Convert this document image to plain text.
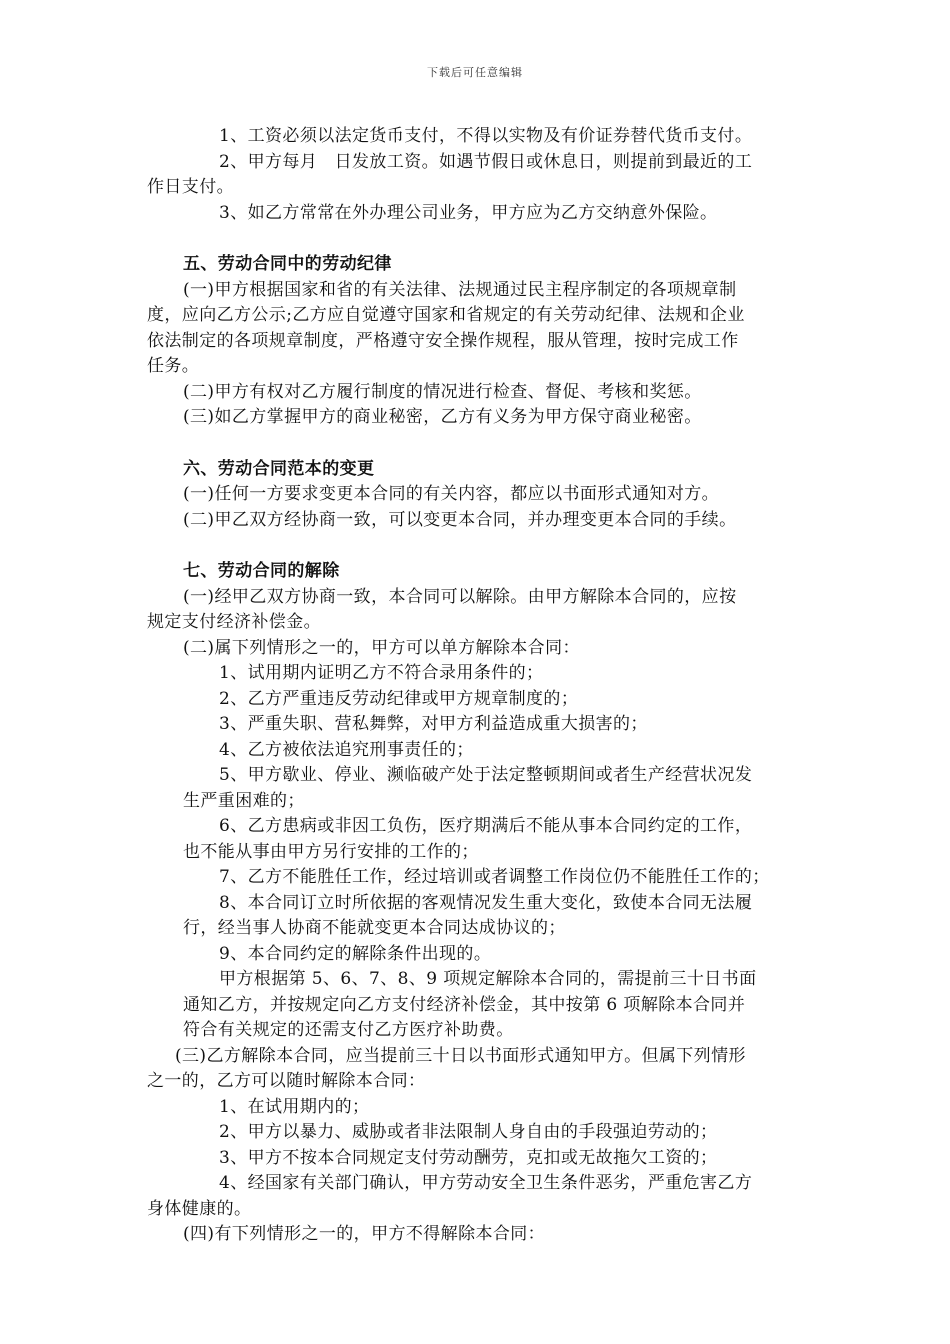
下载后可任意编辑
1、工资必须以法定货币支付，不得以实物及有价证券替代货币支付。
2、甲方每月　日发放工资。如遇节假日或休息日，则提前到最近的工
作日支付。
3、如乙方常常在外办理公司业务，甲方应为乙方交纳意外保险。
五、劳动合同中的劳动纪律
(一)甲方根据国家和省的有关法律、法规通过民主程序制定的各项规章制
度，应向乙方公示;乙方应自觉遵守国家和省规定的有关劳动纪律、法规和企业
依法制定的各项规章制度，严格遵守安全操作规程，服从管理，按时完成工作
任务。
(二)甲方有权对乙方履行制度的情况进行检查、督促、考核和奖惩。
(三)如乙方掌握甲方的商业秘密，乙方有义务为甲方保守商业秘密。
六、劳动合同范本的变更
(一)任何一方要求变更本合同的有关内容，都应以书面形式通知对方。
(二)甲乙双方经协商一致，可以变更本合同，并办理变更本合同的手续。
七、劳动合同的解除
(一)经甲乙双方协商一致，本合同可以解除。由甲方解除本合同的，应按
规定支付经济补偿金。
(二)属下列情形之一的，甲方可以单方解除本合同：
1、试用期内证明乙方不符合录用条件的；
2、乙方严重违反劳动纪律或甲方规章制度的；
3、严重失职、营私舞弊，对甲方利益造成重大损害的；
4、乙方被依法追究刑事责任的；
5、甲方歇业、停业、濒临破产处于法定整顿期间或者生产经营状况发
生严重困难的；
6、乙方患病或非因工负伤，医疗期满后不能从事本合同约定的工作，
也不能从事由甲方另行安排的工作的；
7、乙方不能胜任工作，经过培训或者调整工作岗位仍不能胜任工作的；
8、本合同订立时所依据的客观情况发生重大变化，致使本合同无法履
行，经当事人协商不能就变更本合同达成协议的；
9、本合同约定的解除条件出现的。
甲方根据第 5、6、7、8、9 项规定解除本合同的，需提前三十日书面
通知乙方，并按规定向乙方支付经济补偿金，其中按第 6 项解除本合同并
符合有关规定的还需支付乙方医疗补助费。
(三)乙方解除本合同，应当提前三十日以书面形式通知甲方。但属下列情形
之一的，乙方可以随时解除本合同：
1、在试用期内的；
2、甲方以暴力、威胁或者非法限制人身自由的手段强迫劳动的；
3、甲方不按本合同规定支付劳动酬劳，克扣或无故拖欠工资的；
4、经国家有关部门确认，甲方劳动安全卫生条件恶劣，严重危害乙方
身体健康的。
(四)有下列情形之一的，甲方不得解除本合同：
